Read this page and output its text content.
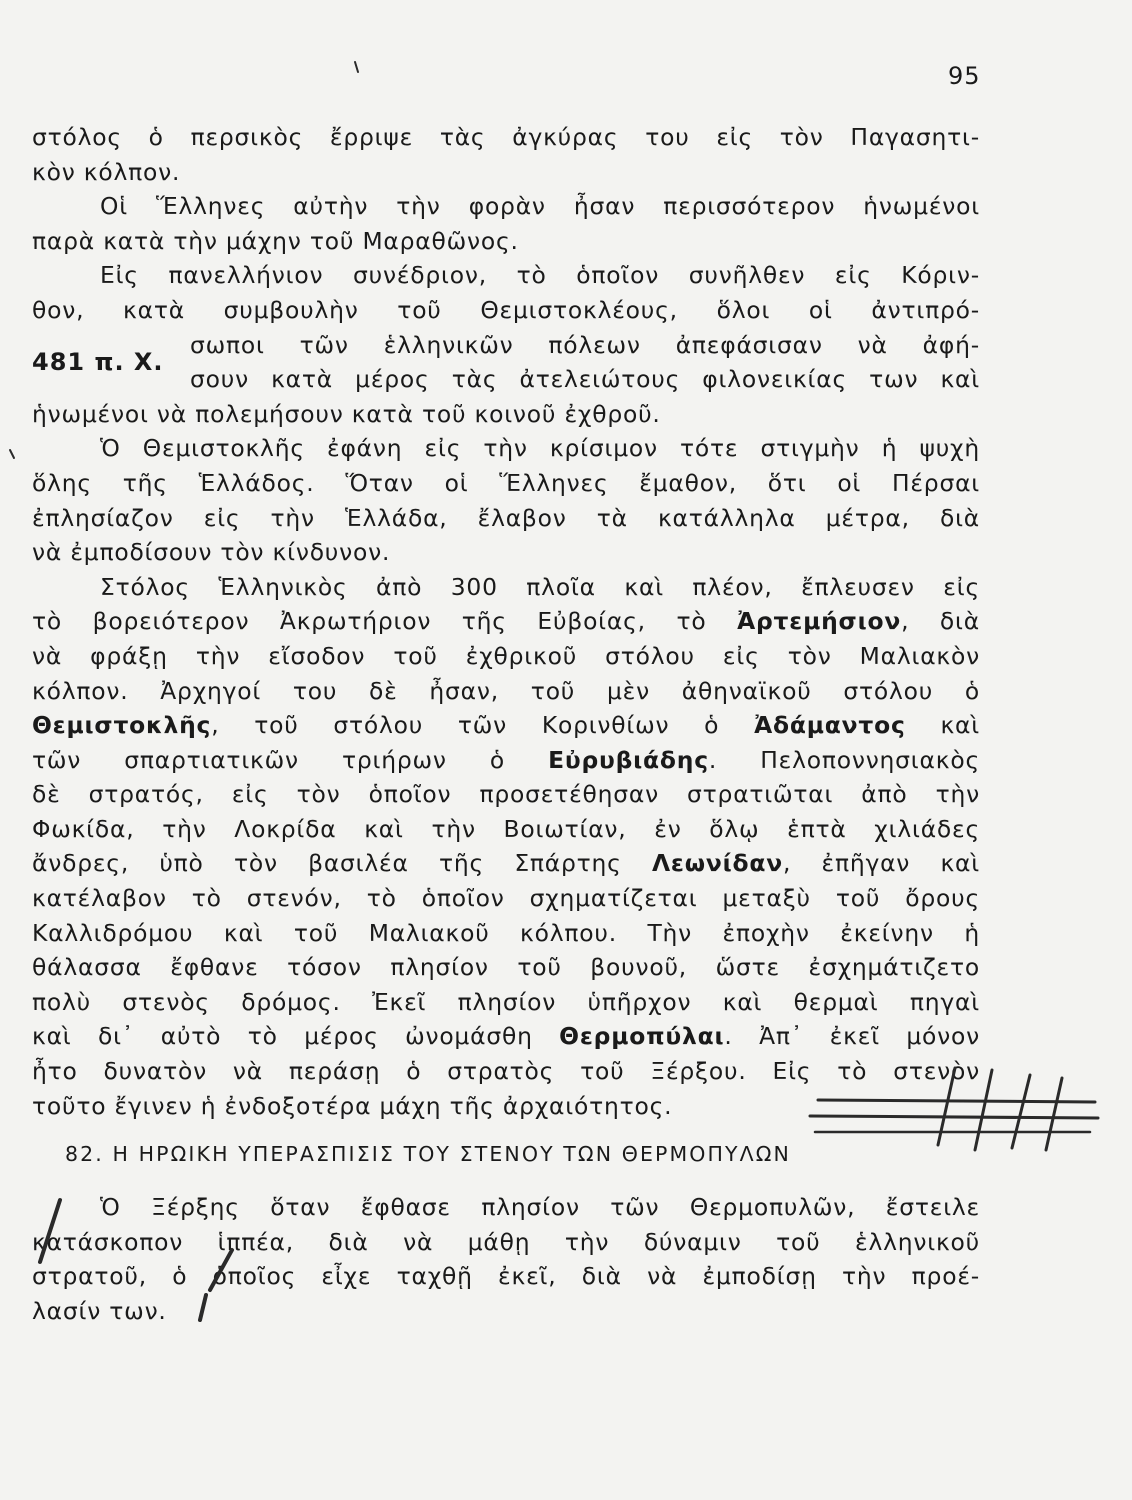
95
481 π. Χ.
στόλος ὁ περσικὸς ἔρριψε τὰς ἀγκύρας του εἰς τὸν Παγασητι-
κὸν κόλπον.
Οἱ Ἕλληνες αὐτὴν τὴν φορὰν ἦσαν περισσότερον ἡνωμένοι
παρὰ κατὰ τὴν μάχην τοῦ Μαραθῶνος.
Εἰς πανελλήνιον συνέδριον, τὸ ὁποῖον συνῆλθεν εἰς Κόριν-
θον, κατὰ συμβουλὴν τοῦ Θεμιστοκλέους, ὅλοι οἱ ἀντιπρό-
σωποι τῶν ἑλληνικῶν πόλεων ἀπεφάσισαν νὰ ἀφή-
σουν κατὰ μέρος τὰς ἀτελειώτους φιλονεικίας των καὶ
ἡνωμένοι νὰ πολεμήσουν κατὰ τοῦ κοινοῦ ἐχθροῦ.
Ὁ Θεμιστοκλῆς ἐφάνη εἰς τὴν κρίσιμον τότε στιγμὴν ἡ ψυχὴ
ὅλης τῆς Ἑλλάδος. Ὅταν οἱ Ἕλληνες ἔμαθον, ὅτι οἱ Πέρσαι
ἐπλησίαζον εἰς τὴν Ἑλλάδα, ἔλαβον τὰ κατάλληλα μέτρα, διὰ
νὰ ἐμποδίσουν τὸν κίνδυνον.
Στόλος Ἑλληνικὸς ἀπὸ 300 πλοῖα καὶ πλέον, ἔπλευσεν εἰς
τὸ βορειότερον Ἀκρωτήριον τῆς Εὐβοίας, τὸ Ἀρτεμήσιον, διὰ
νὰ φράξῃ τὴν εἴσοδον τοῦ ἐχθρικοῦ στόλου εἰς τὸν Μαλιακὸν
κόλπον. Ἀρχηγοί του δὲ ἦσαν, τοῦ μὲν ἀθηναϊκοῦ στόλου ὁ
Θεμιστοκλῆς, τοῦ στόλου τῶν Κορινθίων ὁ Ἀδάμαντος καὶ
τῶν σπαρτιατικῶν τριήρων ὁ Εὐρυβιάδης. Πελοποννησιακὸς
δὲ στρατός, εἰς τὸν ὁποῖον προσετέθησαν στρατιῶται ἀπὸ τὴν
Φωκίδα, τὴν Λοκρίδα καὶ τὴν Βοιωτίαν, ἐν ὅλῳ ἑπτὰ χιλιάδες
ἄνδρες, ὑπὸ τὸν βασιλέα τῆς Σπάρτης Λεωνίδαν, ἐπῆγαν καὶ
κατέλαβον τὸ στενόν, τὸ ὁποῖον σχηματίζεται μεταξὺ τοῦ ὄρους
Καλλιδρόμου καὶ τοῦ Μαλιακοῦ κόλπου. Τὴν ἐποχὴν ἐκείνην ἡ
θάλασσα ἔφθανε τόσον πλησίον τοῦ βουνοῦ, ὥστε ἐσχημάτιζετο
πολὺ στενὸς δρόμος. Ἐκεῖ πλησίον ὑπῆρχον καὶ θερμαὶ πηγαὶ
καὶ δι᾽ αὐτὸ τὸ μέρος ὠνομάσθη Θερμοπύλαι. Ἀπ᾽ ἐκεῖ μόνον
ἦτο δυνατὸν νὰ περάσῃ ὁ στρατὸς τοῦ Ξέρξου. Εἰς τὸ στενὸν
τοῦτο ἔγινεν ἡ ἐνδοξοτέρα μάχη τῆς ἀρχαιότητος.
82. Η ΗΡΩΙΚΗ ΥΠΕΡΑΣΠΙΣΙΣ ΤΟΥ ΣΤΕΝΟΥ ΤΩΝ ΘΕΡΜΟΠΥΛΩΝ
Ὁ Ξέρξης ὅταν ἔφθασε πλησίον τῶν Θερμοπυλῶν, ἔστειλε
κατάσκοπον ἱππέα, διὰ νὰ μάθῃ τὴν δύναμιν τοῦ ἑλληνικοῦ
στρατοῦ, ὁ ὁποῖος εἶχε ταχθῇ ἐκεῖ, διὰ νὰ ἐμποδίσῃ τὴν προέ-
λασίν των.
